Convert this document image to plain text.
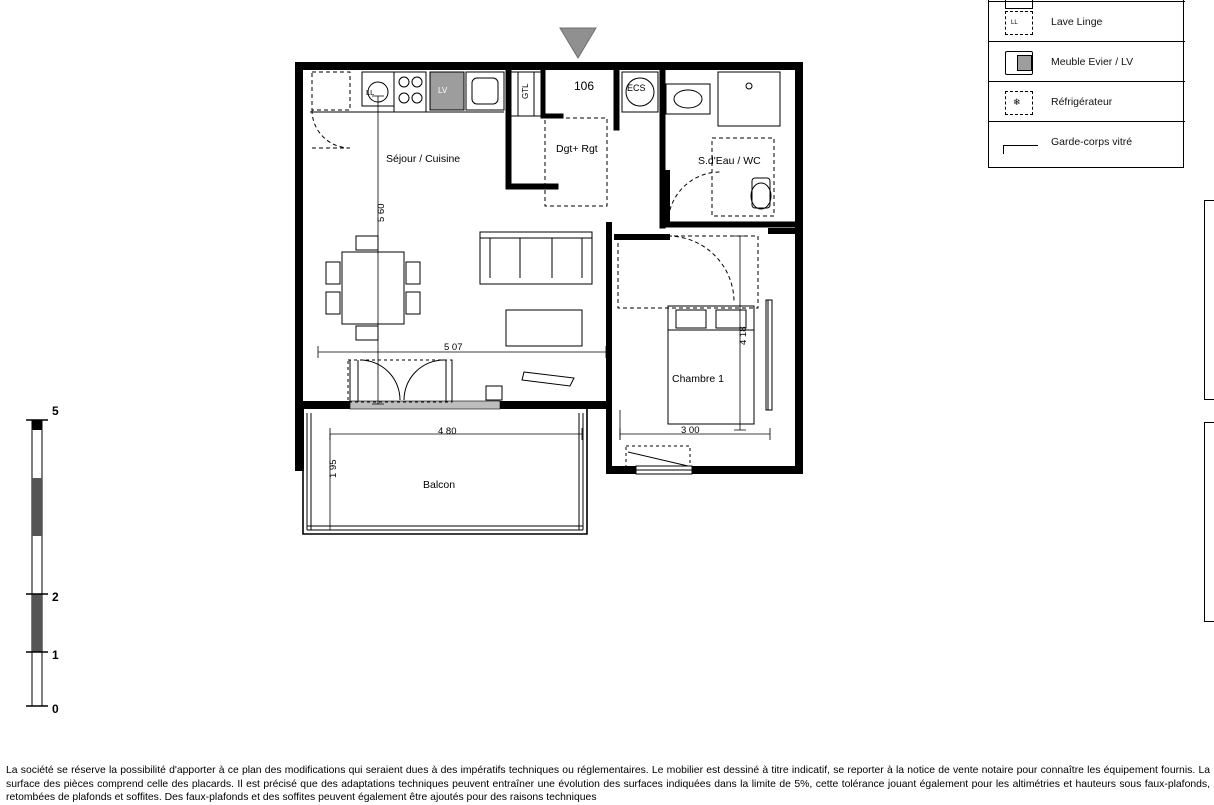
Séjour / Cuisine
Dgt+ Rgt
S.d'Eau / WC
Chambre 1
Balcon
106
GTL	ECS
LL	LV
5 60
5 07
4 80
1 95
4 18
3 00
LL	Lave Linge
Meuble Evier / LV
❄	Réfrigérateur
Garde-corps vitré
5
2
1
0
La société se réserve la possibilité d'apporter à ce plan des modifications qui seraient dues à des impératifs techniques ou réglementaires. Le mobilier est dessiné à titre indicatif, se reporter à la notice de vente notaire pour connaître les équipement fournis. La surface des pièces comprend celle des placards. Il est précisé que des adaptations techniques peuvent entraîner une évolution des surfaces indiquées dans la limite de 5%, cette tolérance jouant également pour les altimétries et hauteurs sous faux-plafonds, retombées de plafonds et soffites. Des faux-plafonds et des soffites peuvent également être ajoutés pour des raisons techniques
